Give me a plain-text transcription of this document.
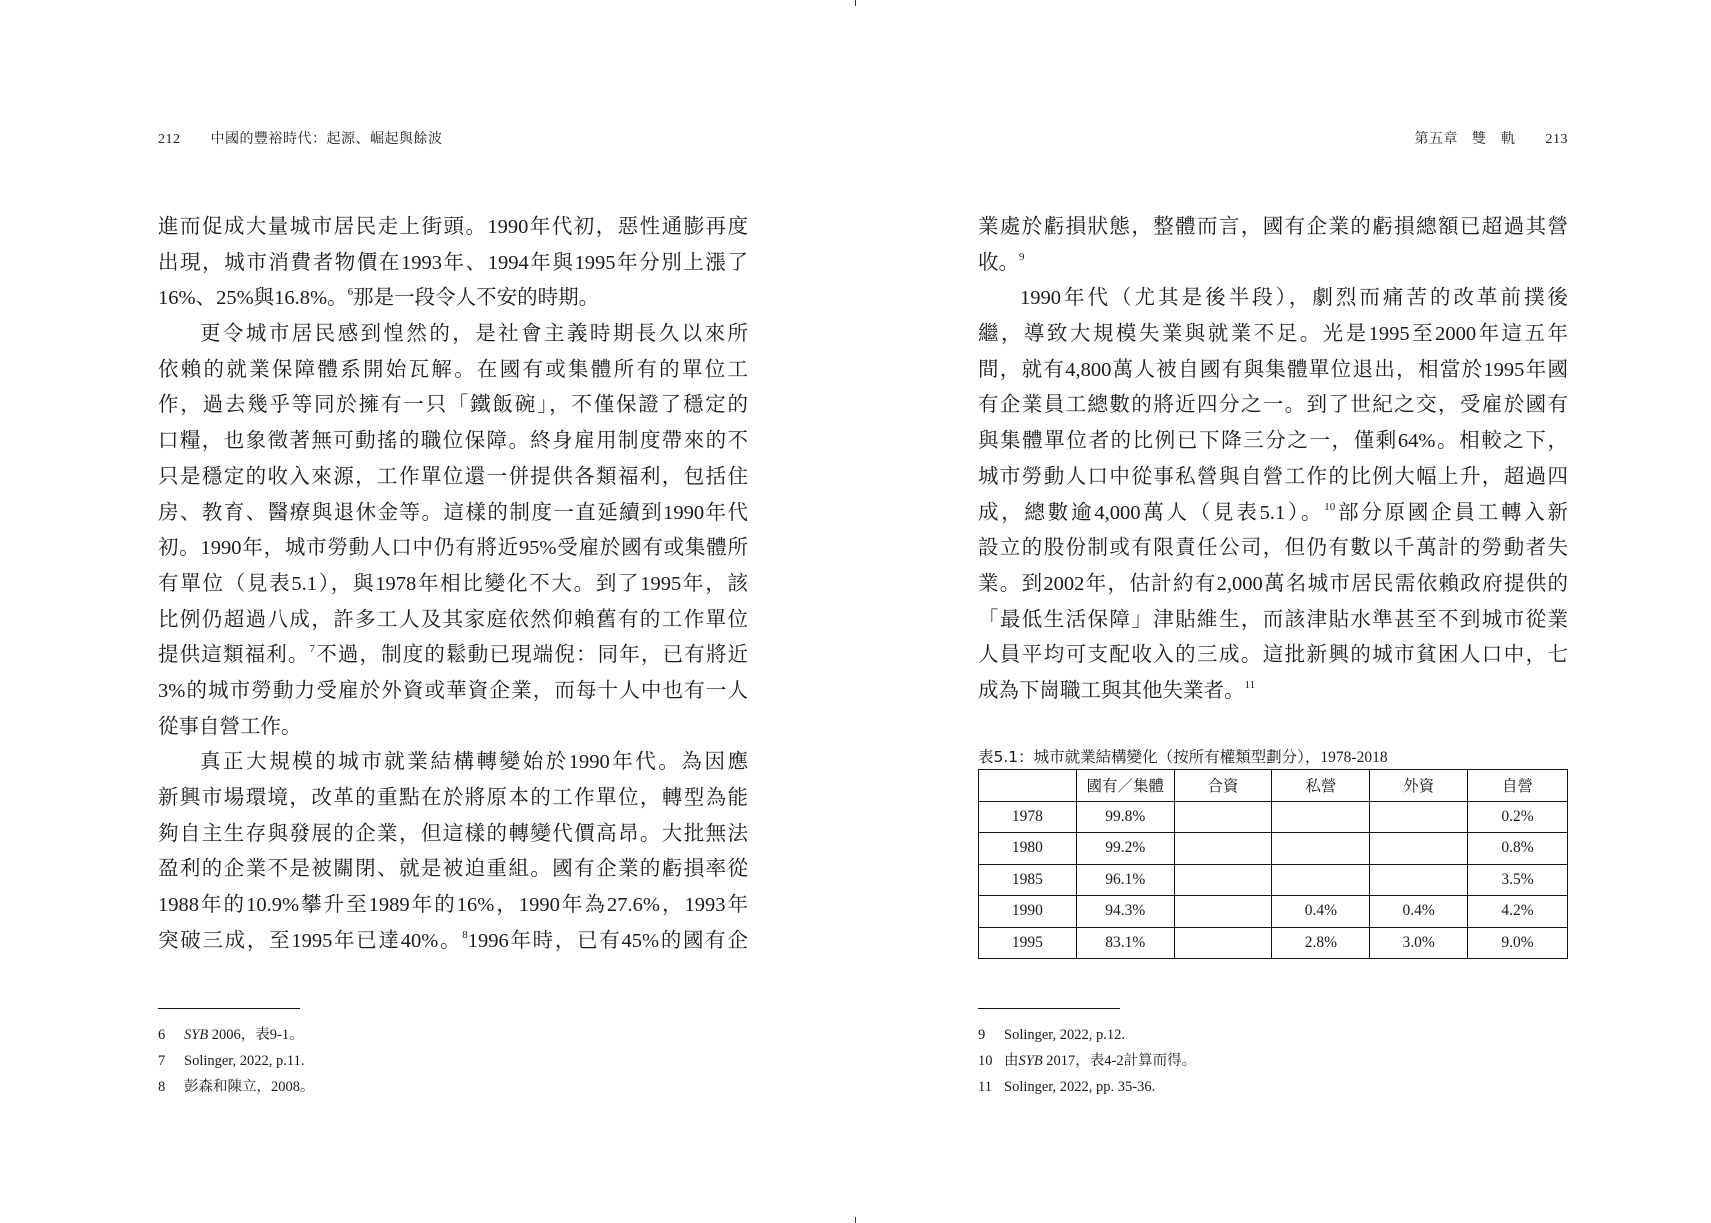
212 中國的豐裕時代：起源、崛起與餘波
進而促成大量城市居民走上街頭。1990年代初，惡性通膨再度
出現，城市消費者物價在1993年、1994年與1995年分別上漲了
16%、25%與16.8%。$^6$那是一段令人不安的時期。
更令城市居民感到惶然的，是社會主義時期長久以來所
依賴的就業保障體系開始瓦解。在國有或集體所有的單位工
作，過去幾乎等同於擁有一只「鐵飯碗」，不僅保證了穩定的
口糧，也象徵著無可動搖的職位保障。終身雇用制度帶來的不
只是穩定的收入來源，工作單位還一併提供各類福利，包括住
房、教育、醫療與退休金等。這樣的制度一直延續到1990年代
初。1990年，城市勞動人口中仍有將近95%受雇於國有或集體所
有單位（見表5.1），與1978年相比變化不大。到了1995年，該
比例仍超過八成，許多工人及其家庭依然仰賴舊有的工作單位
提供這類福利。$^7$不過，制度的鬆動已現端倪：同年，已有將近
3%的城市勞動力受雇於外資或華資企業，而每十人中也有一人
從事自營工作。
真正大規模的城市就業結構轉變始於1990年代。為因應
新興市場環境，改革的重點在於將原本的工作單位，轉型為能
夠自主生存與發展的企業，但這樣的轉變代價高昂。大批無法
盈利的企業不是被關閉、就是被迫重組。國有企業的虧損率從
1988年的10.9%攀升至1989年的16%，1990年為27.6%，1993年
突破三成，至1995年已達40%。$^8$1996年時，已有45%的國有企
6 SYB 2006，表9-1。
7 Solinger, 2022, p.11.
8 彭森和陳立，2008。
第五章 雙　軌 213
業處於虧損狀態，整體而言，國有企業的虧損總額已超過其營
收。$^9$
1990年代（尤其是後半段），劇烈而痛苦的改革前撲後
繼，導致大規模失業與就業不足。光是1995至2000年這五年
間，就有4,800萬人被自國有與集體單位退出，相當於1995年國
有企業員工總數的將近四分之一。到了世紀之交，受雇於國有
與集體單位者的比例已下降三分之一，僅剩64%。相較之下，
城市勞動人口中從事私營與自營工作的比例大幅上升，超過四
成，總數逾4,000萬人（見表5.1）。$^{10}$部分原國企員工轉入新
設立的股份制或有限責任公司，但仍有數以千萬計的勞動者失
業。到2002年，估計約有2,000萬名城市居民需依賴政府提供的
「最低生活保障」津貼維生，而該津貼水準甚至不到城市從業
人員平均可支配收入的三成。這批新興的城市貧困人口中，七
成為下崗職工與其他失業者。$^{11}$
表5.1：城市就業結構變化（按所有權類型劃分），1978-2018
	國有／集體	合資	私營	外資	自營
1978	99.8%				0.2%
1980	99.2%				0.8%
1985	96.1%				3.5%
1990	94.3%		0.4%	0.4%	4.2%
1995	83.1%		2.8%	3.0%	9.0%
9 Solinger, 2022, p.12.
10 由SYB 2017，表4-2計算而得。
11 Solinger, 2022, pp. 35-36.
